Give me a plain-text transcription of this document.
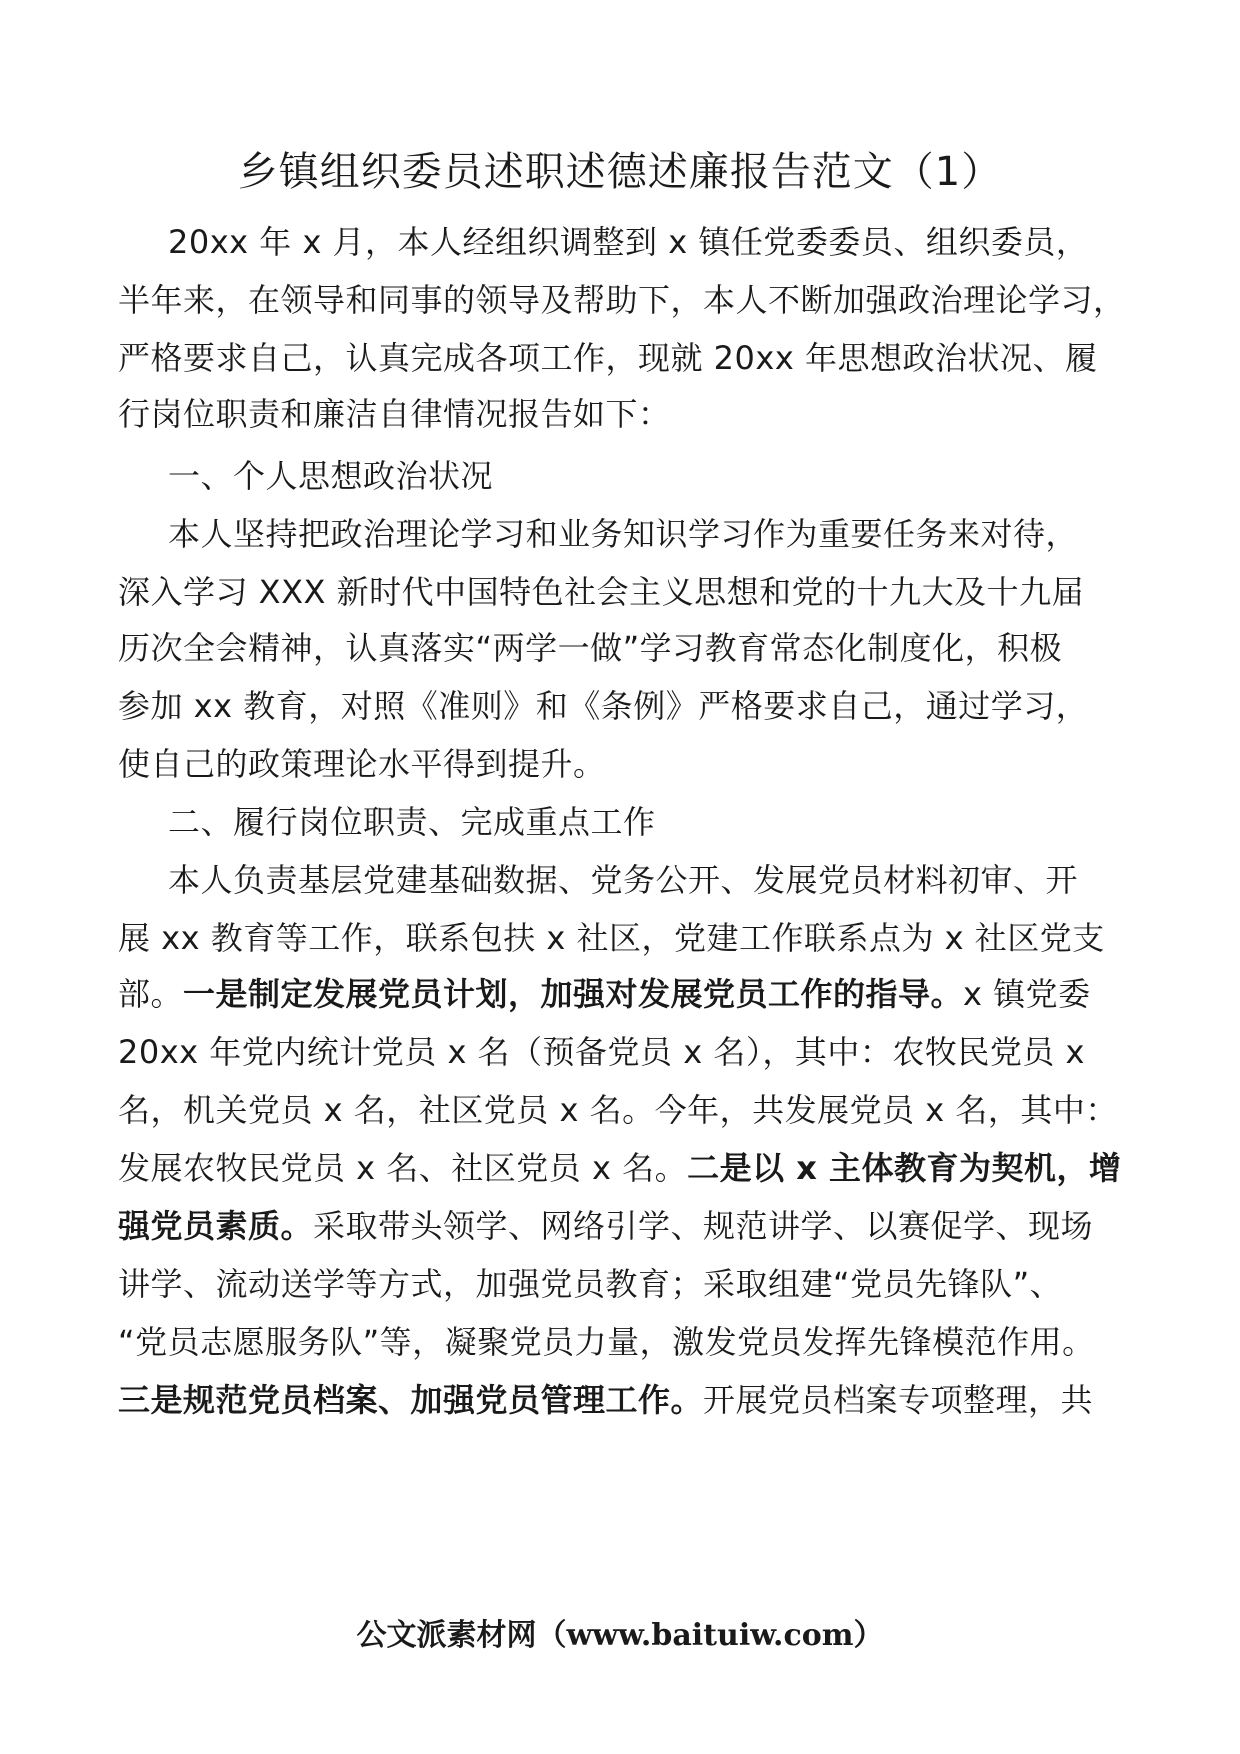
乡镇组织委员述职述德述廉报告范文（1）
20xx 年 x 月，本人经组织调整到 x 镇任党委委员、组织委员，
半年来，在领导和同事的领导及帮助下，本人不断加强政治理论学习，
严格要求自己，认真完成各项工作，现就 20xx 年思想政治状况、履
行岗位职责和廉洁自律情况报告如下：
一、个人思想政治状况
本人坚持把政治理论学习和业务知识学习作为重要任务来对待，
深入学习 XXX 新时代中国特色社会主义思想和党的十九大及十九届
历次全会精神，认真落实“两学一做”学习教育常态化制度化，积极
参加 xx 教育，对照《准则》和《条例》严格要求自己，通过学习，
使自己的政策理论水平得到提升。
二、履行岗位职责、完成重点工作
本人负责基层党建基础数据、党务公开、发展党员材料初审、开
展 xx 教育等工作，联系包扶 x 社区，党建工作联系点为 x 社区党支
部。一是制定发展党员计划，加强对发展党员工作的指导。x 镇党委
20xx 年党内统计党员 x 名（预备党员 x 名），其中：农牧民党员 x
名，机关党员 x 名，社区党员 x 名。今年，共发展党员 x 名，其中：
发展农牧民党员 x 名、社区党员 x 名。二是以 x 主体教育为契机，增
强党员素质。采取带头领学、网络引学、规范讲学、以赛促学、现场
讲学、流动送学等方式，加强党员教育；采取组建“党员先锋队”、
“党员志愿服务队”等，凝聚党员力量，激发党员发挥先锋模范作用。
三是规范党员档案、加强党员管理工作。开展党员档案专项整理，共
公文派素材网（www.baituiw.com）
